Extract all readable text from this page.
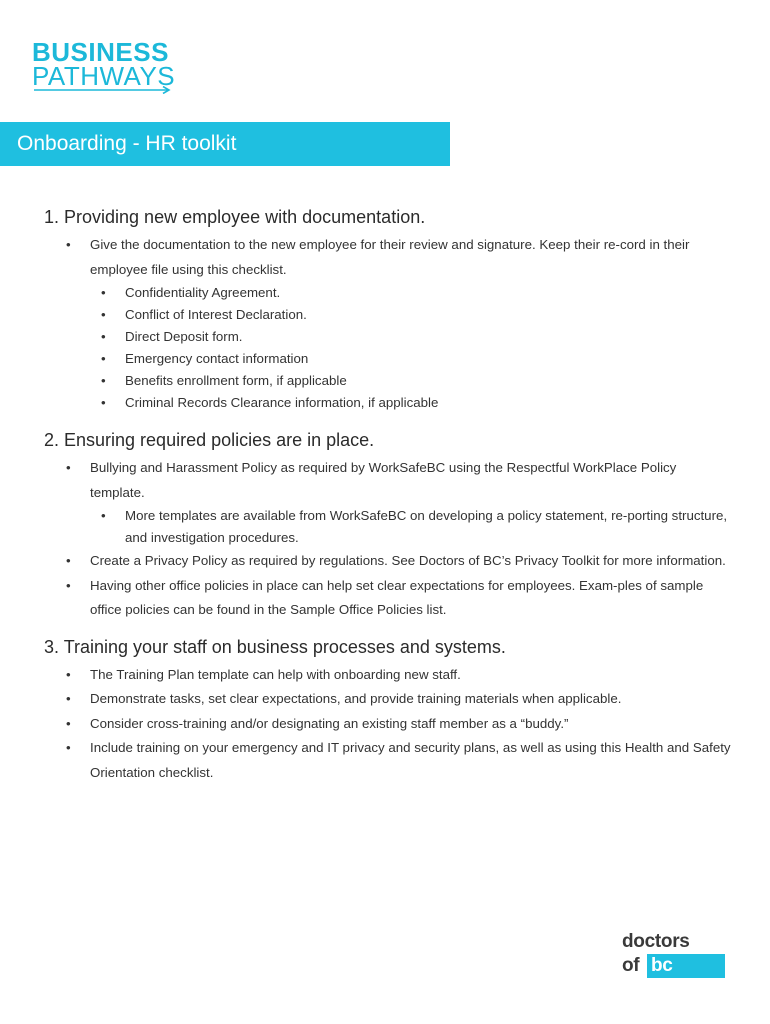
BUSINESS
PATHWAYS
Onboarding - HR toolkit
1. Providing new employee with documentation.
• Give the documentation to the new employee for their review and signature. Keep their re-cord in their employee file using this checklist.
• Confidentiality Agreement.
• Conflict of Interest Declaration.
• Direct Deposit form.
• Emergency contact information
• Benefits enrollment form, if applicable
• Criminal Records Clearance information, if applicable
2. Ensuring required policies are in place.
• Bullying and Harassment Policy as required by WorkSafeBC using the Respectful WorkPlace Policy template.
• More templates are available from WorkSafeBC on developing a policy statement, re-porting structure, and investigation procedures.
• Create a Privacy Policy as required by regulations. See Doctors of BC’s Privacy Toolkit for more information.
• Having other office policies in place can help set clear expectations for employees. Exam-ples of sample office policies can be found in the Sample Office Policies list.
3. Training your staff on business processes and systems.
• The Training Plan template can help with onboarding new staff.
• Demonstrate tasks, set clear expectations, and provide training materials when applicable.
• Consider cross-training and/or designating an existing staff member as a “buddy.”
• Include training on your emergency and IT privacy and security plans, as well as using this Health and Safety Orientation checklist.
doctors
of bc
